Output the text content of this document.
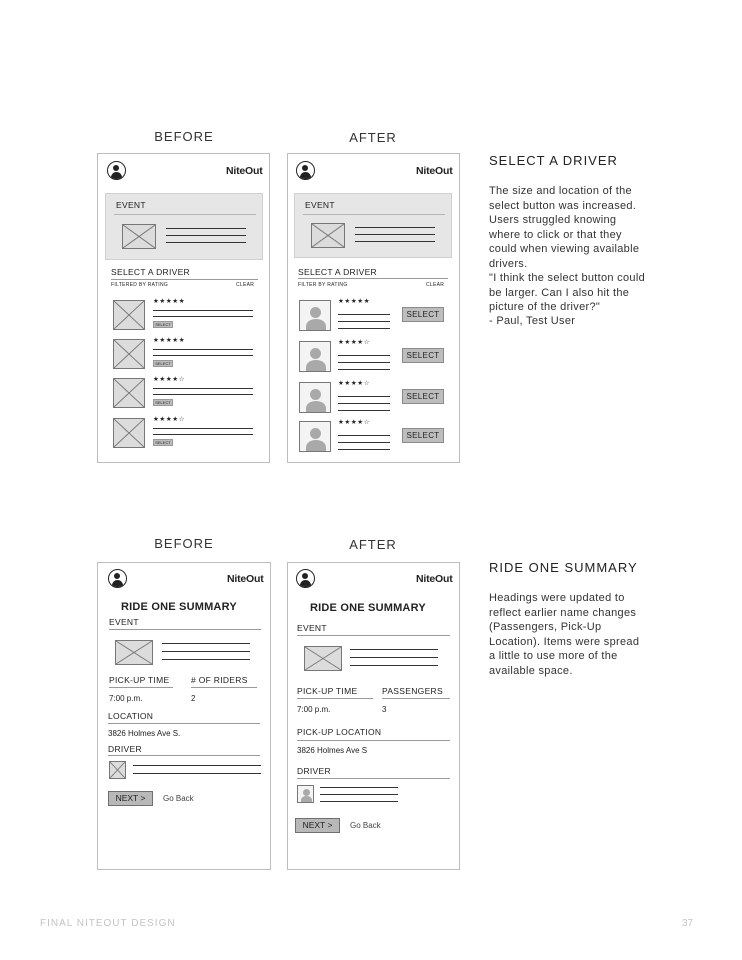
BEFORE	AFTER
NiteOut
EVENT
SELECT A DRIVER
FILTERED BY RATING	CLEAR
★★★★★
SELECT
★★★★★
SELECT
★★★★☆
SELECT
★★★★☆
SELECT
NiteOut
EVENT
SELECT A DRIVER
FILTER BY RATING	CLEAR
★★★★★
SELECT
★★★★☆
SELECT
★★★★☆
SELECT
★★★★☆
SELECT
SELECT A DRIVER
The size and location of the select button was increased. Users struggled knowing where to click or that they could when viewing available drivers.
"I think the select button could be larger. Can I also hit the picture of the driver?"
- Paul, Test User
BEFORE	AFTER
NiteOut
RIDE ONE SUMMARY
EVENT
PICK-UP TIME	# OF RIDERS
7:00 p.m.	2
LOCATION
3826 Holmes Ave S.
DRIVER
NEXT >	Go Back
NiteOut
RIDE ONE SUMMARY
EVENT
PICK-UP TIME	PASSENGERS
7:00 p.m.	3
PICK-UP LOCATION
3826 Holmes Ave S
DRIVER
NEXT >	Go Back
RIDE ONE SUMMARY
Headings were updated to reflect earlier name changes (Passengers, Pick-Up Location). Items were spread a little to use more of the available space.
FINAL NITEOUT DESIGN	37
